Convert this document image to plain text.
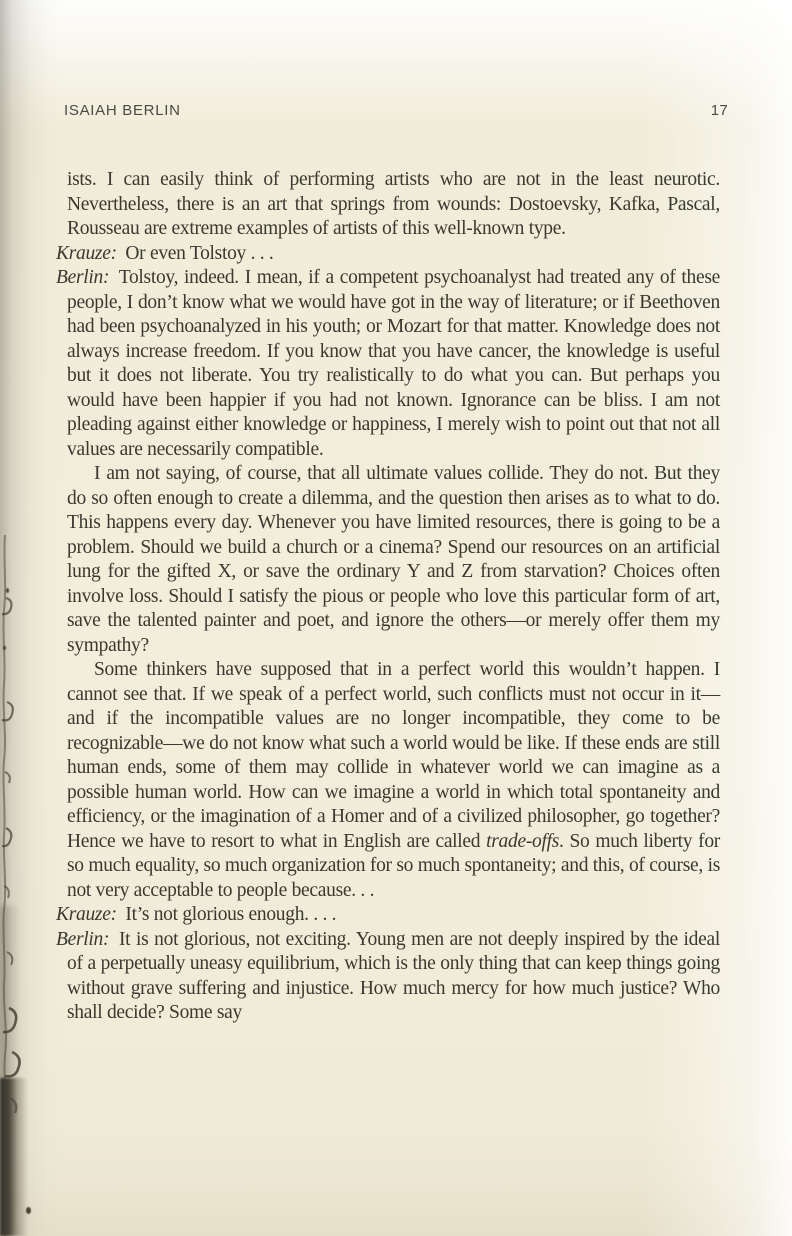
ISAIAH BERLIN	17

ists. I can easily think of performing artists who are not in the least neurotic. Nevertheless, there is an art that springs from wounds: Dostoevsky, Kafka, Pascal, Rousseau are extreme examples of artists of this well-known type.

Krauze: Or even Tolstoy . . .

Berlin: Tolstoy, indeed. I mean, if a competent psychoanalyst had treated any of these people, I don’t know what we would have got in the way of literature; or if Beethoven had been psychoanalyzed in his youth; or Mozart for that matter. Knowledge does not always increase freedom. If you know that you have cancer, the knowledge is useful but it does not liberate. You try realistically to do what you can. But perhaps you would have been happier if you had not known. Ignorance can be bliss. I am not pleading against either knowledge or happiness, I merely wish to point out that not all values are necessarily compatible.

I am not saying, of course, that all ultimate values collide. They do not. But they do so often enough to create a dilemma, and the question then arises as to what to do. This happens every day. Whenever you have limited resources, there is going to be a problem. Should we build a church or a cinema? Spend our resources on an artificial lung for the gifted X, or save the ordinary Y and Z from starvation? Choices often involve loss. Should I satisfy the pious or people who love this particular form of art, save the talented painter and poet, and ignore the others—or merely offer them my sympathy?

Some thinkers have supposed that in a perfect world this wouldn’t happen. I cannot see that. If we speak of a perfect world, such conflicts must not occur in it—and if the incompatible values are no longer incompatible, they come to be recognizable—we do not know what such a world would be like. If these ends are still human ends, some of them may collide in whatever world we can imagine as a possible human world. How can we imagine a world in which total spontaneity and efficiency, or the imagination of a Homer and of a civilized philosopher, go together? Hence we have to resort to what in English are called trade-offs. So much liberty for so much equality, so much organization for so much spontaneity; and this, of course, is not very acceptable to people because. . .

Krauze: It’s not glorious enough. . . .

Berlin: It is not glorious, not exciting. Young men are not deeply inspired by the ideal of a perpetually uneasy equilibrium, which is the only thing that can keep things going without grave suffering and injustice. How much mercy for how much justice? Who shall decide? Some say
